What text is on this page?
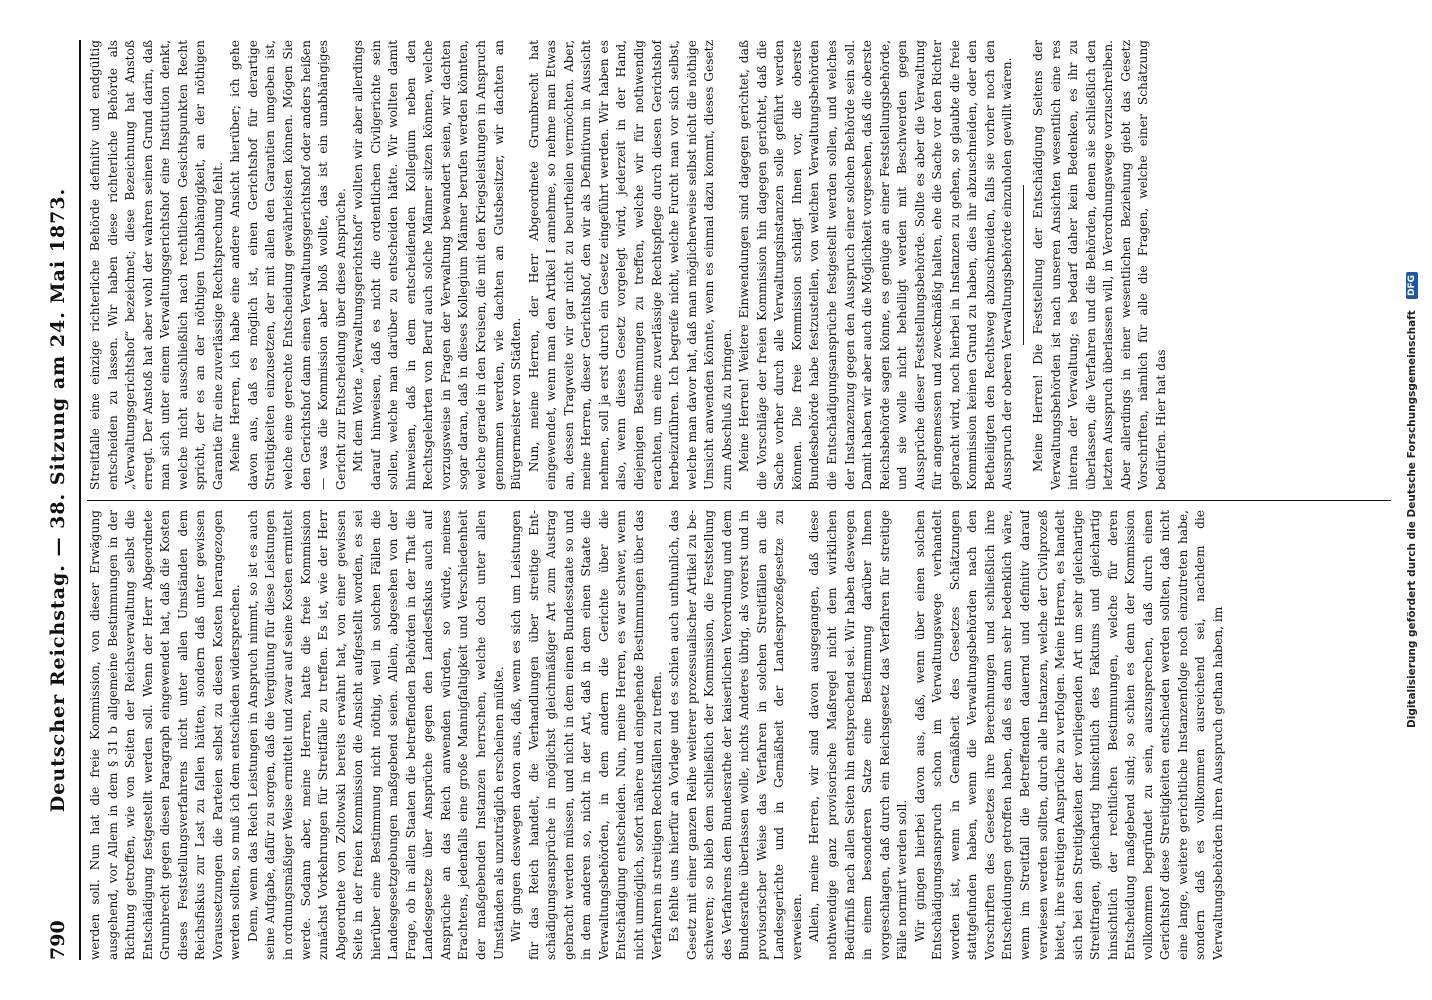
790
Deutscher Reichstag. — 38. Sitzung am 24. Mai 1873. werden soll. Nun hat die freie Kommission, von dieser Erwägung ausgehend, vor Allem in dem § 31 b allgemeine Bestimmungen in der Richtung getroffen, wie von Seiten der Reichsverwaltung selbst die Entschädigung festgestellt werden soll. Wenn der Herr Abgeordnete Grumbrecht gegen diesen Paragraph eingewendet hat, daß die Kosten dieses Feststellungsverfahrens nicht unter allen Umständen dem Reichsfiskus zur Last zu fallen hätten, sondern daß unter gewissen Voraussetzungen die Parteien selbst zu diesen Kosten herangezogen werden sollten, so muß ich dem entschieden widersprechen. Denn, wenn das Reich Leistungen in Anspruch nimmt, so ist es auch seine Aufgabe, dafür zu sorgen, daß die Vergütung für diese Leistungen in ordnungsmäßiger Weise ermittelt und zwar auf seine Kosten ermittelt werde. Sodann aber, meine Herren, hatte die freie Kommission zunächst Vorkehrungen für Streitfälle zu treffen. Es ist, wie der Herr Abgeordnete von Zoltowski bereits erwähnt hat, von einer gewissen Seite in der freien Kommission die Ansicht aufgestellt worden, es sei hierüber eine Bestimmung nicht nöthig, weil in solchen Fällen die Landesgesetzgebungen maßgebend seien. Allein, abgesehen von der Frage, ob in allen Staaten die betreffenden Behörden in der That die Landesgesetze über Ansprüche gegen den Landesfiskus auch auf Ansprüche an das Reich anwenden würden, so würde, meines Erachtens, jedenfalls eine große Mannigfaltigkeit und Verschiedenheit der maßgebenden Instanzen herrschen, welche doch unter allen Umständen als unzuträglich erscheinen müßte. Wir gingen deswegen davon aus, daß, wenn es sich um Leistungen für das Reich handelt, die Verhandlungen über streitige Entschädigungsansprüche in möglichst gleichmäßiger Art zum Austrag gebracht werden müssen, und nicht in dem einen Bundesstaate so und in dem anderen so, nicht in der Art, daß in dem einen Staate die Verwaltungsbehörden, in dem andern die Gerichte über die Entschädigung entscheiden. Nun, meine Herren, es war schwer, wenn nicht unmöglich, sofort nähere und eingehende Bestimmungen über das Verfahren in streitigen Rechtsfällen zu treffen. Es fehlte uns hierfür an Vorlage und es schien auch unthunlich, das Gesetz mit einer ganzen Reihe weiterer prozessualischer Artikel zu beschweren; so blieb dem schließlich der Kommission, die Feststellung des Verfahrens dem Bundesrathe der kaiserlichen Verordnung und dem Bundesrathe überlassen wolle, nichts Anderes übrig, als vorerst und in provisorischer Weise das Verfahren in solchen Streitfällen an die Landesgerichte und in Gemäßheit der Landesprozeßgesetze zu verweisen. Allein, meine Herren, wir sind davon ausgegangen, daß diese nothwendige ganz provisorische Maßregel nicht dem wirklichen Bedürfniß nach allen Seiten hin entsprechend sei. Wir haben deswegen in einem besonderen Satze eine Bestimmung darüber Ihnen vorgeschlagen, daß durch ein Reichsgesetz das Verfahren für streitige Fälle normirt werden soll. Wir gingen hierbei davon aus, daß, wenn über einen solchen Entschädigungsanspruch schon im Verwaltungswege verhandelt worden ist, wenn in Gemäßheit des Gesetzes Schätzungen stattgefunden haben, wenn die Verwaltungsbehörden nach den Vorschriften des Gesetzes ihre Berechnungen und schließlich ihre Entscheidungen getroffen haben, daß es dann sehr bedenklich wäre, wenn im Streitfall die Betreffenden dauernd und definitiv darauf verwiesen werden sollten, durch alle Instanzen, welche der Civilprozeß bietet, ihre streitigen Ansprüche zu verfolgen. Meine Herren, es handelt sich bei den Streitigkeiten der vorliegenden Art um sehr gleichartige Streitfragen, gleichartig hinsichtlich des Faktums und gleichartig hinsichtlich der rechtlichen Bestimmungen, welche für deren Entscheidung maßgebend sind; so schien es denn der Kommission vollkommen begründet zu sein, auszusprechen, daß durch einen Gerichtshof diese Streitigkeiten entschieden werden sollten, daß nicht eine lange, weitere gerichtliche Instanzenfolge noch einzutreten habe, sondern daß es vollkommen ausreichend sei, nachdem die Verwaltungsbehörden ihren Ausspruch gethan haben, im

Streitfalle eine einzige richterliche Behörde definitiv und endgültig entscheiden zu lassen. Wir haben diese richterliche Behörde als „Verwaltungsgerichtshof“ bezeichnet; diese Bezeichnung hat Anstoß erregt. Der Anstoß hat aber wohl der wahren seinen Grund darin, daß man sich unter einem Verwaltungsgerichtshof eine Institution denkt, welche nicht ausschließlich nach rechtlichen Gesichtspunkten Recht spricht, der es an der nöthigen Unabhängigkeit, an der nöthigen Garantie für eine zuverlässige Rechtsprechung fehlt. Meine Herren, ich habe eine andere Ansicht hierüber; ich gehe davon aus, daß es möglich ist, einen Gerichtshof für derartige Streitigkeiten einzusetzen, der mit allen den Garantien umgeben ist, welche eine gerechte Entscheidung gewährleisten können. Mögen Sie den Gerichtshof dann einen Verwaltungsgerichtshof oder anders heißen — was die Kommission aber bloß wollte, das ist ein unabhängiges Gericht zur Entscheidung über diese Ansprüche. Mit dem Worte „Verwaltungsgerichtshof“ wollten wir aber allerdings darauf hinweisen, daß es nicht die ordentlichen Civilgerichte sein sollen, welche man darüber zu entscheiden hätte. Wir wollten damit hinweisen, daß in dem entscheidenden Kollegium neben den Rechtsgelehrten von Beruf auch solche Männer sitzen können, welche vorzugsweise in Fragen der Verwaltung bewandert seien, wir dachten sogar daran, daß in dieses Kollegium Männer berufen werden könnten, welche gerade in den Kreisen, die mit den Kriegsleistungen in Anspruch genommen werden, wie dachten an Gutsbesitzer, wir dachten an Bürgermeister von Städten. Nun, meine Herren, der Herr Abgeordnete Grumbrecht hat eingewendet, wenn man den Artikel I annehme, so nehme man Etwas an, dessen Tragweite wir gar nicht zu beurtheilen vermöchten. Aber, meine Herren, dieser Gerichtshof, den wir als Definitivum in Aussicht nehmen, soll ja erst durch ein Gesetz eingeführt werden. Wir haben es also, wenn dieses Gesetz vorgelegt wird, jederzeit in der Hand, diejenigen Bestimmungen zu treffen, welche wir für nothwendig erachten, um eine zuverlässige Rechtspflege durch diesen Gerichtshof herbeizuführen. Ich begreife nicht, welche Furcht man vor sich selbst, welche man davor hat, daß man möglicherweise selbst nicht die nöthige Umsicht anwenden könnte, wenn es einmal dazu kommt, dieses Gesetz zum Abschluß zu bringen. Meine Herren! Weitere Einwendungen sind dagegen gerichtet, daß die Vorschläge der freien Kommission hin dagegen gerichtet, daß die Sache vorher durch alle Verwaltungsinstanzen solle geführt werden können. Die freie Kommission schlägt Ihnen vor, die oberste Bundesbehörde habe festzustellen, von welchen Verwaltungsbehörden die Entschädigungsansprüche festgestellt werden sollen, und welches der Instanzenzug gegen den Ausspruch einer solchen Behörde sein soll. Damit haben wir aber auch die Möglichkeit vorgesehen, daß die oberste Reichsbehörde sagen könne, es genüge an einer Feststellungsbehörde, und sie wolle nicht behelligt werden mit Beschwerden gegen Aussprüche dieser Feststellungsbehörde. Sollte es aber die Verwaltung für angemessen und zweckmäßig halten, ehe die Sache vor den Richter gebracht wird, noch hierbei in Instanzen zu gehen, so glaubte die freie Kommission keinen Grund zu haben, dies ihr abzuschneiden, oder den Betheiligten den Rechtsweg abzuschneiden, falls sie vorher noch den Ausspruch der oberen Verwaltungsbehörde einzuholen gewillt wären. Meine Herren! Die Feststellung der Entschädigung Seitens der Verwaltungsbehörden ist nach unseren Ansichten wesentlich eine res interna der Verwaltung; es bedarf daher kein Bedenken, es ihr zu überlassen, die Verfahren und die Behörden, denen sie schließlich den letzten Ausspruch überlassen will, in Verordnungswege vorzuschreiben. Aber allerdings in einer wesentlichen Beziehung giebt das Gesetz Vorschriften, nämlich für alle die Fragen, welche einer Schätzung bedürfen. Hier hat das	Digitalisierung gefördert durch die Deutsche Forschungsgemeinschaft DFG
